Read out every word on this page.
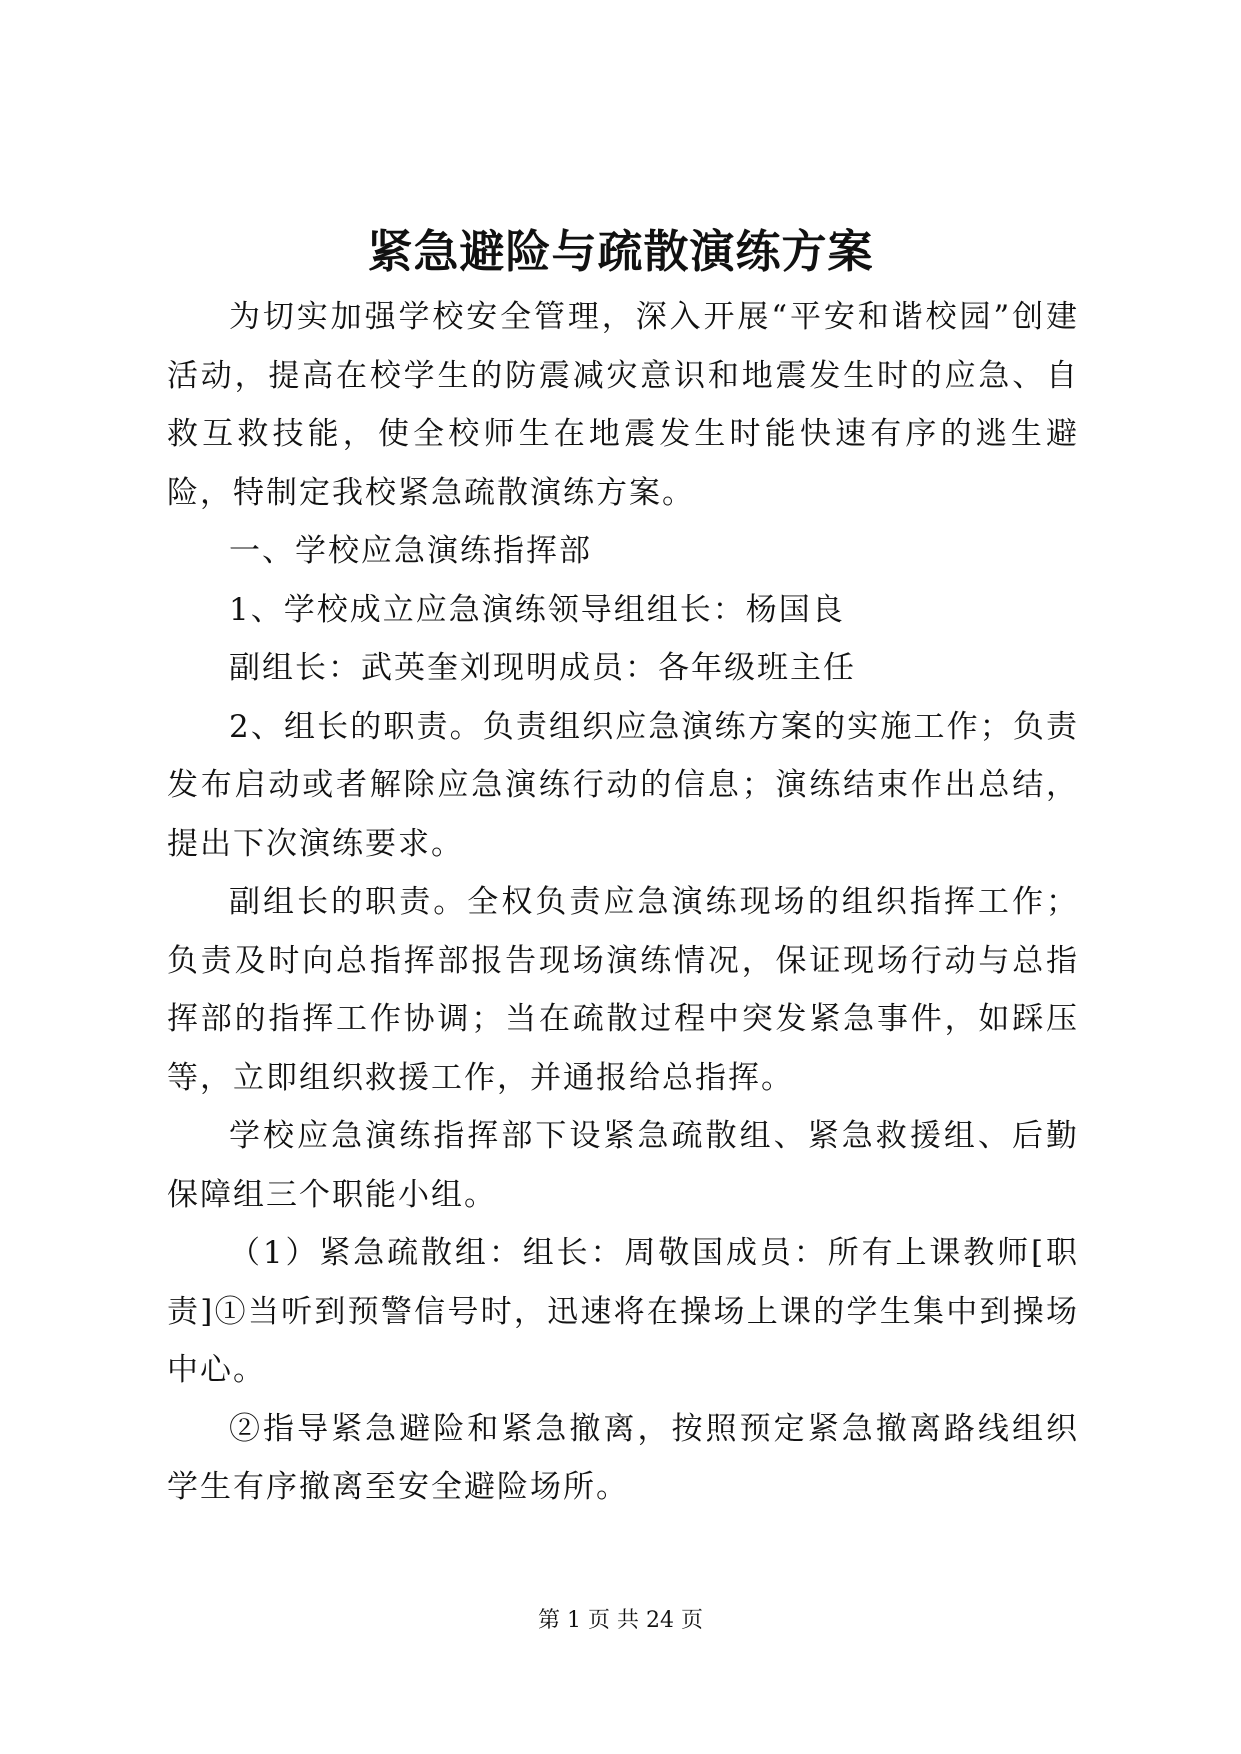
紧急避险与疏散演练方案

为切实加强学校安全管理，深入开展“平安和谐校园”创建活动，提高在校学生的防震减灾意识和地震发生时的应急、自救互救技能，使全校师生在地震发生时能快速有序的逃生避险，特制定我校紧急疏散演练方案。

一、学校应急演练指挥部

1、学校成立应急演练领导组组长：杨国良

副组长：武英奎刘现明成员：各年级班主任

2、组长的职责。负责组织应急演练方案的实施工作；负责发布启动或者解除应急演练行动的信息；演练结束作出总结，提出下次演练要求。

副组长的职责。全权负责应急演练现场的组织指挥工作；负责及时向总指挥部报告现场演练情况，保证现场行动与总指挥部的指挥工作协调；当在疏散过程中突发紧急事件，如踩压等，立即组织救援工作，并通报给总指挥。

学校应急演练指挥部下设紧急疏散组、紧急救援组、后勤保障组三个职能小组。

（1）紧急疏散组：组长：周敬国成员：所有上课教师[职责]①当听到预警信号时，迅速将在操场上课的学生集中到操场中心。

②指导紧急避险和紧急撤离，按照预定紧急撤离路线组织学生有序撤离至安全避险场所。

第 1 页 共 24 页
